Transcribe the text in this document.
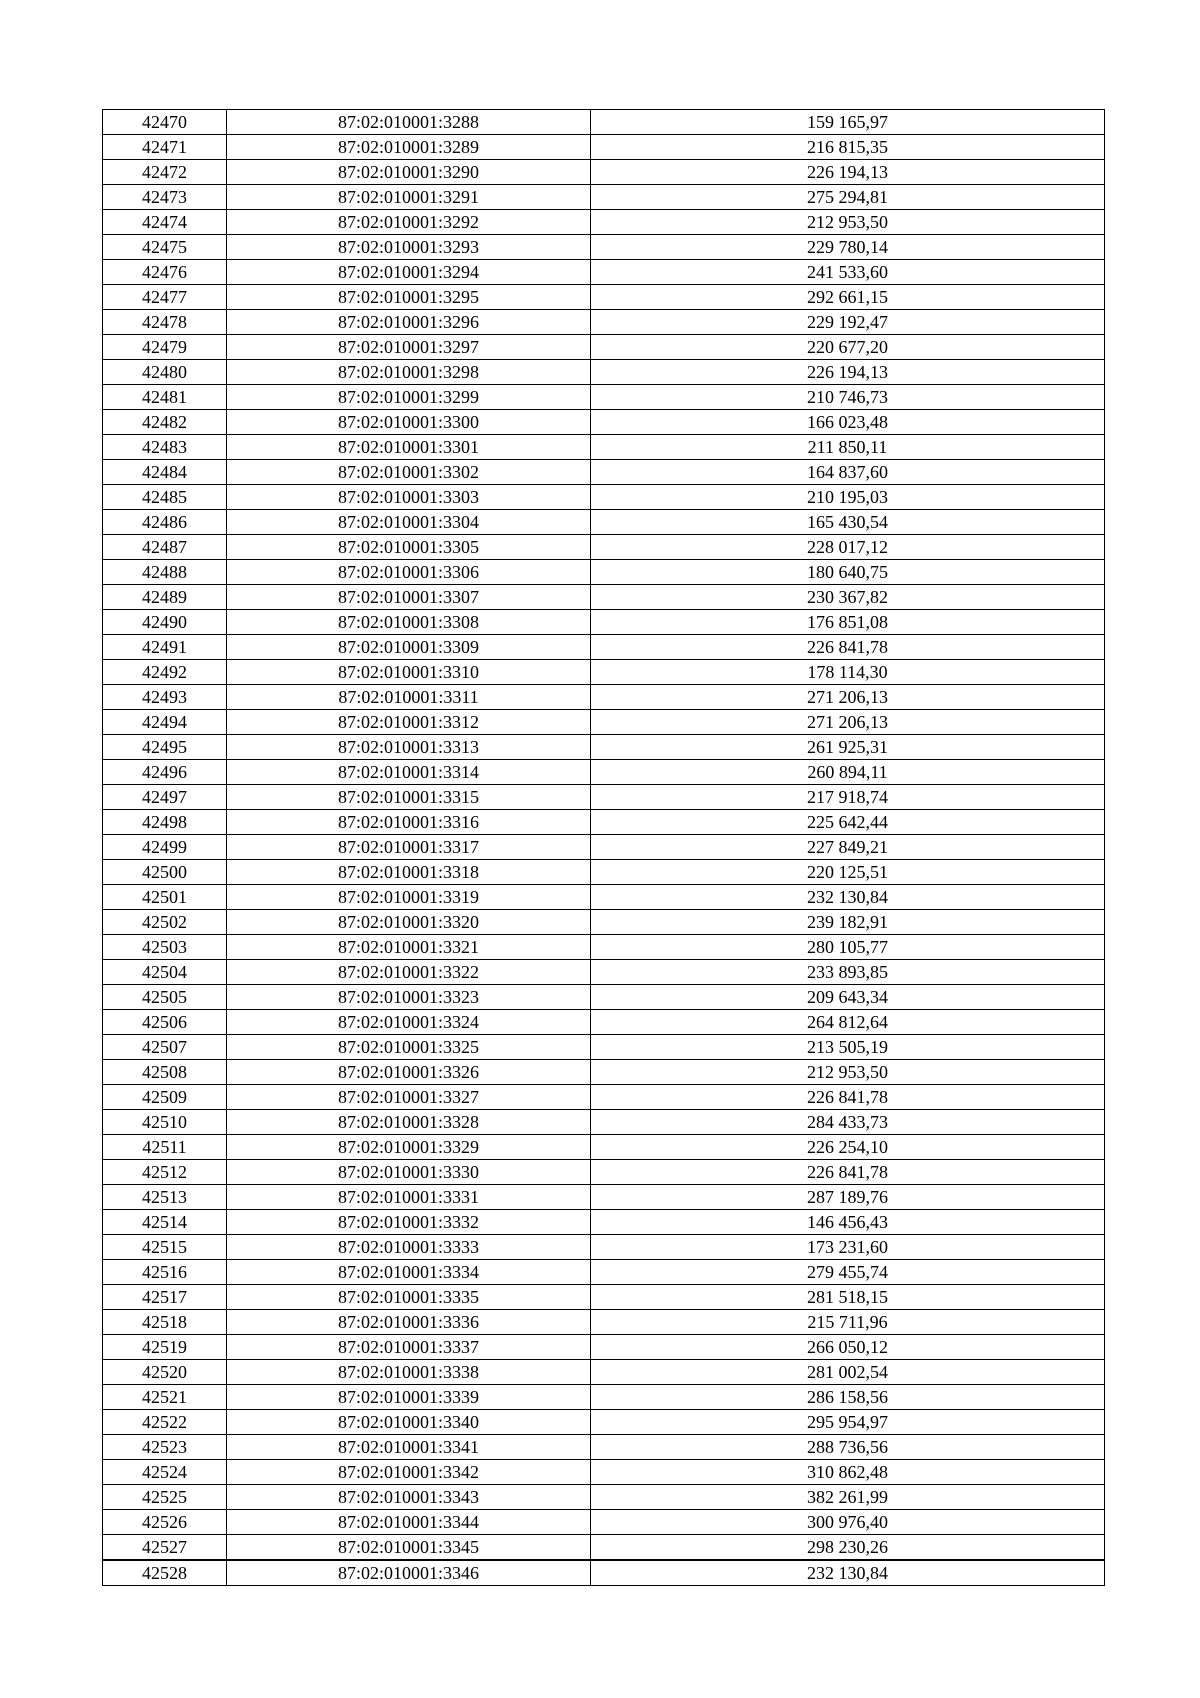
42470	87:02:010001:3288	159 165,97
42471	87:02:010001:3289	216 815,35
42472	87:02:010001:3290	226 194,13
42473	87:02:010001:3291	275 294,81
42474	87:02:010001:3292	212 953,50
42475	87:02:010001:3293	229 780,14
42476	87:02:010001:3294	241 533,60
42477	87:02:010001:3295	292 661,15
42478	87:02:010001:3296	229 192,47
42479	87:02:010001:3297	220 677,20
42480	87:02:010001:3298	226 194,13
42481	87:02:010001:3299	210 746,73
42482	87:02:010001:3300	166 023,48
42483	87:02:010001:3301	211 850,11
42484	87:02:010001:3302	164 837,60
42485	87:02:010001:3303	210 195,03
42486	87:02:010001:3304	165 430,54
42487	87:02:010001:3305	228 017,12
42488	87:02:010001:3306	180 640,75
42489	87:02:010001:3307	230 367,82
42490	87:02:010001:3308	176 851,08
42491	87:02:010001:3309	226 841,78
42492	87:02:010001:3310	178 114,30
42493	87:02:010001:3311	271 206,13
42494	87:02:010001:3312	271 206,13
42495	87:02:010001:3313	261 925,31
42496	87:02:010001:3314	260 894,11
42497	87:02:010001:3315	217 918,74
42498	87:02:010001:3316	225 642,44
42499	87:02:010001:3317	227 849,21
42500	87:02:010001:3318	220 125,51
42501	87:02:010001:3319	232 130,84
42502	87:02:010001:3320	239 182,91
42503	87:02:010001:3321	280 105,77
42504	87:02:010001:3322	233 893,85
42505	87:02:010001:3323	209 643,34
42506	87:02:010001:3324	264 812,64
42507	87:02:010001:3325	213 505,19
42508	87:02:010001:3326	212 953,50
42509	87:02:010001:3327	226 841,78
42510	87:02:010001:3328	284 433,73
42511	87:02:010001:3329	226 254,10
42512	87:02:010001:3330	226 841,78
42513	87:02:010001:3331	287 189,76
42514	87:02:010001:3332	146 456,43
42515	87:02:010001:3333	173 231,60
42516	87:02:010001:3334	279 455,74
42517	87:02:010001:3335	281 518,15
42518	87:02:010001:3336	215 711,96
42519	87:02:010001:3337	266 050,12
42520	87:02:010001:3338	281 002,54
42521	87:02:010001:3339	286 158,56
42522	87:02:010001:3340	295 954,97
42523	87:02:010001:3341	288 736,56
42524	87:02:010001:3342	310 862,48
42525	87:02:010001:3343	382 261,99
42526	87:02:010001:3344	300 976,40
42527	87:02:010001:3345	298 230,26
42528	87:02:010001:3346	232 130,84
